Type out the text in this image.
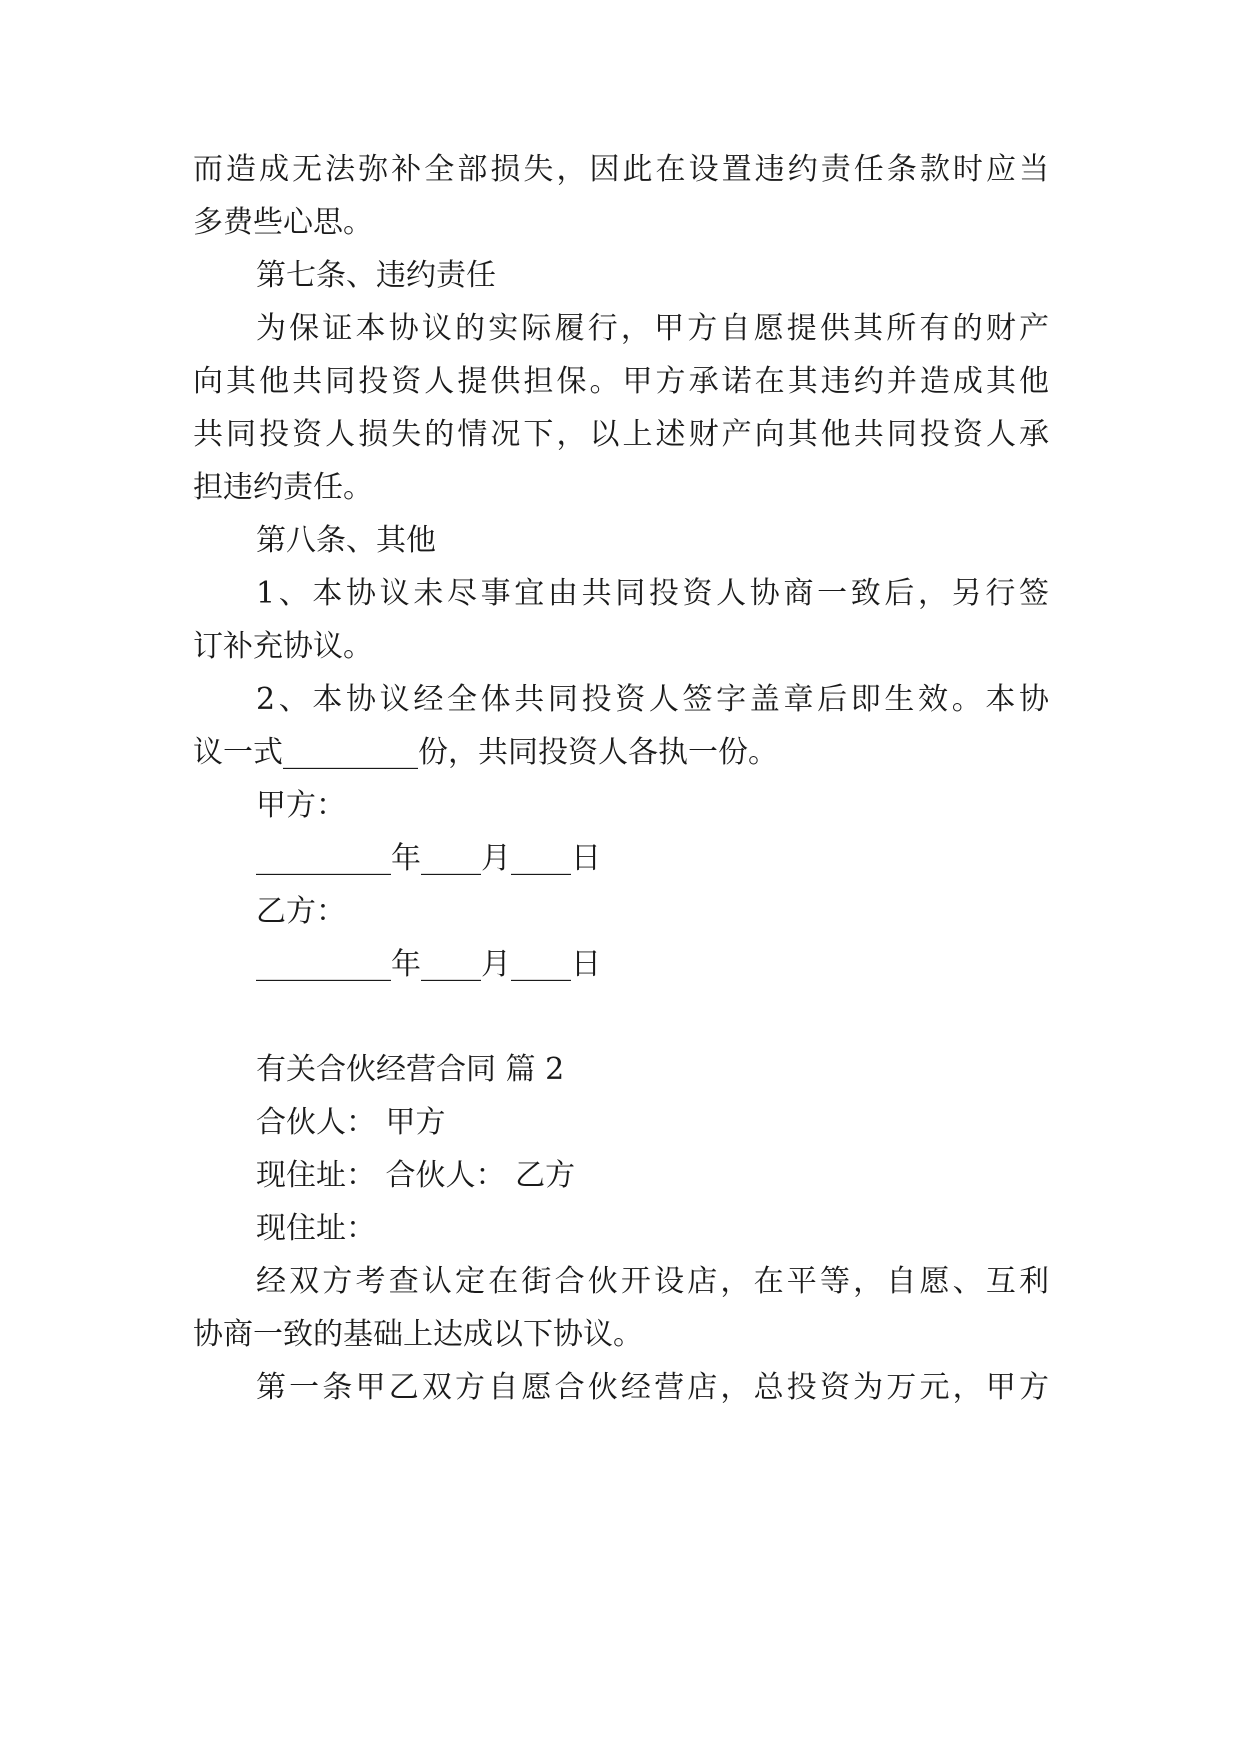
而造成无法弥补全部损失，因此在设置违约责任条款时应当
多费些心思。
第七条、违约责任
为保证本协议的实际履行，甲方自愿提供其所有的财产
向其他共同投资人提供担保。甲方承诺在其违约并造成其他
共同投资人损失的情况下，以上述财产向其他共同投资人承
担违约责任。
第八条、其他
1、本协议未尽事宜由共同投资人协商一致后，另行签
订补充协议。
2、本协议经全体共同投资人签字盖章后即生效。本协
议一式_________份，共同投资人各执一份。
甲方：
_________年____月____日
乙方：
_________年____月____日
有关合伙经营合同 篇 2
合伙人： 甲方
现住址： 合伙人： 乙方
现住址：
经双方考查认定在街合伙开设店，在平等，自愿、互利
协商一致的基础上达成以下协议。
第一条甲乙双方自愿合伙经营店，总投资为万元，甲方
